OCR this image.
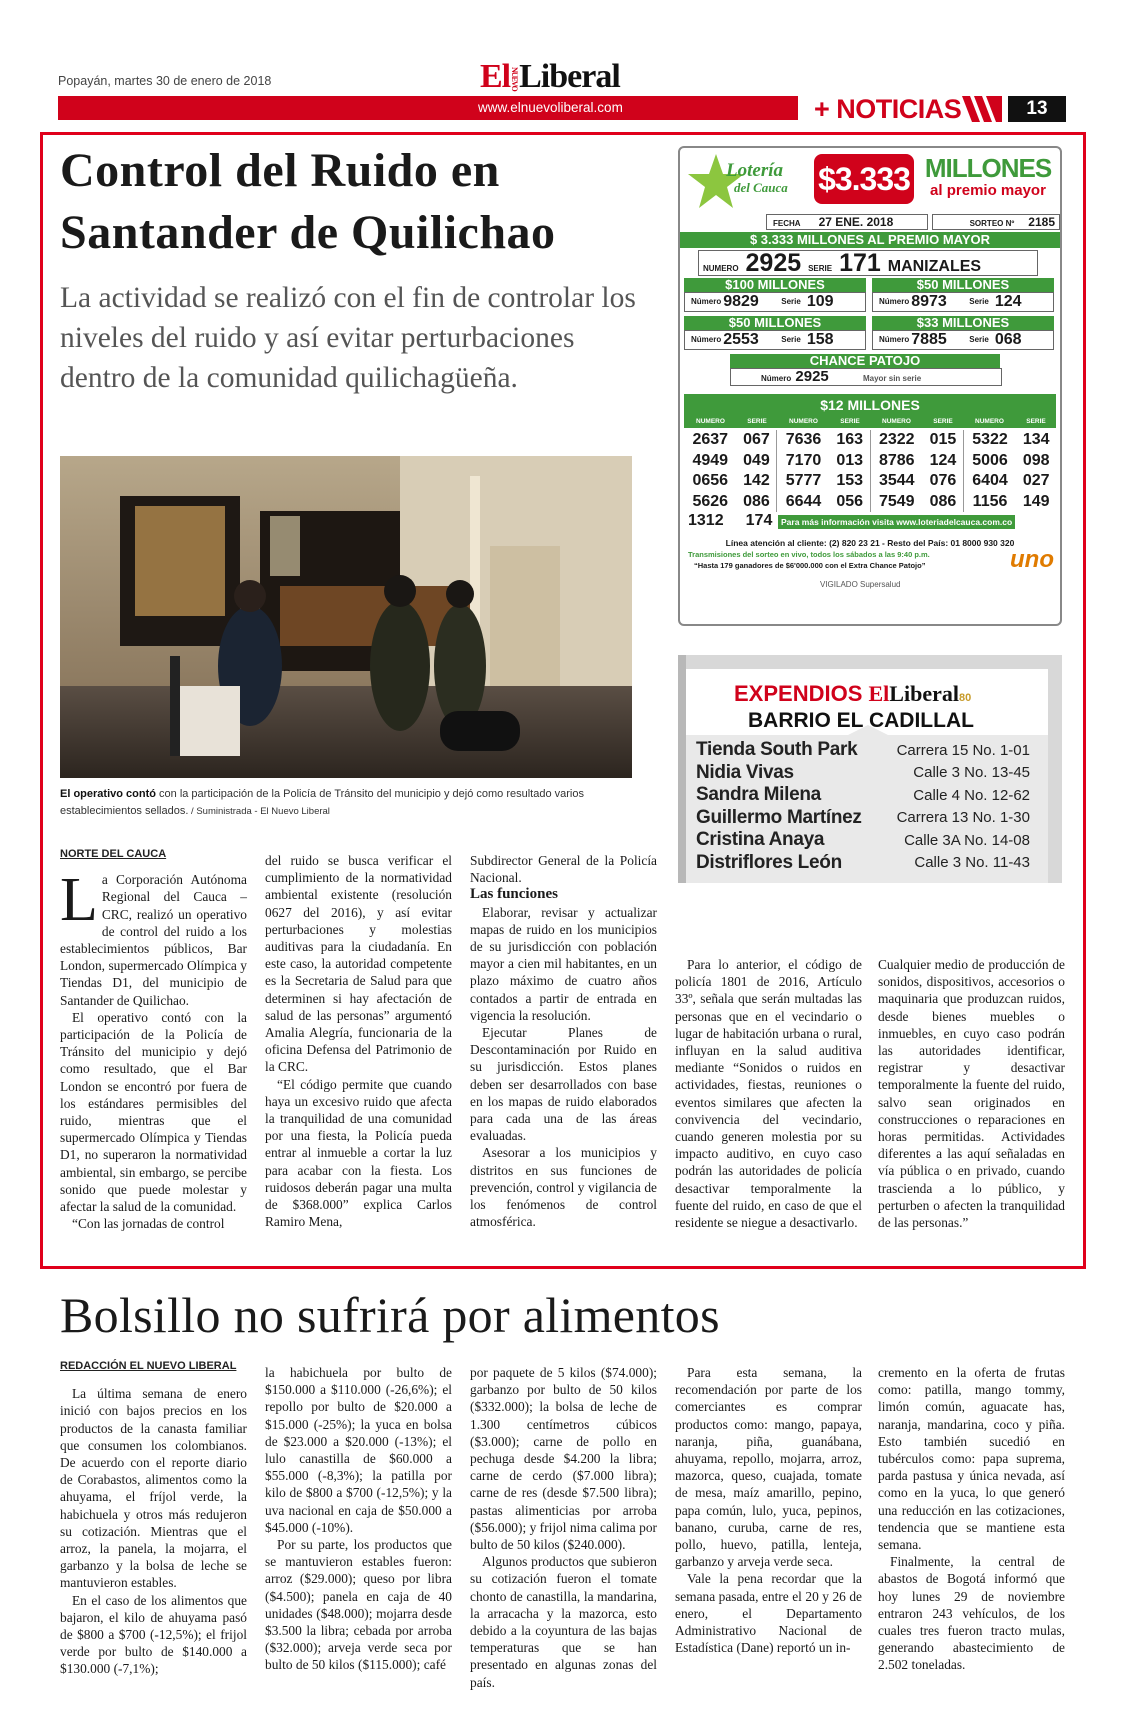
Popayán, martes 30 de enero de 2018	ElNUEVOLiberal
www.elnuevoliberal.com	+ NOTICIAS	13
Control del Ruido en
Santander de Quilichao
La actividad se realizó con el fin de controlar los niveles del ruido y así evitar perturbaciones dentro de la comunidad quilichagüeña.
El operativo contó con la participación de la Policía de Tránsito del municipio y dejó como resultado varios establecimientos sellados. / Suministrada - El Nuevo Liberal
NORTE DEL CAUCA

La Corporación Autónoma Regional del Cauca – CRC, realizó un operativo de control del ruido a los establecimientos públicos, Bar London, supermercado Olímpica y Tiendas D1, del municipio de Santander de Quilichao.

El operativo contó con la participación de la Policía de Tránsito del municipio y dejó como resultado, que el Bar London se encontró por fuera de los estándares permisibles del ruido, mientras que el supermercado Olímpica y Tiendas D1, no superaron la normatividad ambiental, sin embargo, se percibe sonido que puede molestar y afectar la salud de la comunidad.

“Con las jornadas de control

del ruido se busca verificar el cumplimiento de la normatividad ambiental existente (resolución 0627 del 2016), y así evitar perturbaciones y molestias auditivas para la ciudadanía. En este caso, la autoridad competente es la Secretaria de Salud para que determinen si hay afectación de salud de las personas” argumentó Amalia Alegría, funcionaria de la oficina Defensa del Patrimonio de la CRC.

“El código permite que cuando haya un excesivo ruido que afecta la tranquilidad de una comunidad por una fiesta, la Policía pueda entrar al inmueble a cortar la luz para acabar con la fiesta. Los ruidosos deberán pagar una multa de $368.000” explica Carlos Ramiro Mena,

Subdirector General de la Policía Nacional.

Las funciones

Elaborar, revisar y actualizar mapas de ruido en los municipios de su jurisdicción con población mayor a cien mil habitantes, en un plazo máximo de cuatro años contados a partir de entrada en vigencia la resolución.

Ejecutar Planes de Descontaminación por Ruido en su jurisdicción. Estos planes deben ser desarrollados con base en los mapas de ruido elaborados para cada una de las áreas evaluadas.

Asesorar a los municipios y distritos en sus funciones de prevención, control y vigilancia de los fenómenos de control atmosférica.

Para lo anterior, el código de policía 1801 de 2016, Artículo 33º, señala que serán multadas las personas que en el vecindario o lugar de habitación urbana o rural, influyan en la salud auditiva mediante “Sonidos o ruidos en actividades, fiestas, reuniones o eventos similares que afecten la convivencia del vecindario, cuando generen molestia por su impacto auditivo, en cuyo caso podrán las autoridades de policía desactivar temporalmente la fuente del ruido, en caso de que el residente se niegue a desactivarlo.

Cualquier medio de producción de sonidos, dispositivos, accesorios o maquinaria que produzcan ruidos, desde bienes muebles o inmuebles, en cuyo caso podrán las autoridades identificar, registrar y desactivar temporalmente la fuente del ruido, salvo sean originados en construcciones o reparaciones en horas permitidas. Actividades diferentes a las aquí señaladas en vía pública o en privado, cuando trascienda a lo público, y perturben o afecten la tranquilidad de las personas.”

Lotería
del Cauca $3.333 MILLONES
al premio mayor
FECHA 27 ENE. 2018	SORTEO Nº 2185
$ 3.333 MILLONES AL PREMIO MAYOR
NUMERO 2925 SERIE 171 MANIZALES
$100 MILLONES
Número 9829	Serie 109
$50 MILLONES
Número 8973	Serie 124
$50 MILLONES
Número 2553	Serie 158
$33 MILLONES
Número 7885	Serie 068
CHANCE PATOJO
Número 2925	Mayor sin serie
$12 MILLONES
NUMERO	SERIE	NUMERO	SERIE	NUMERO	SERIE	NUMERO	SERIE
2637 067 7636 163 2322 015 5322 134
4949 049 7170 013 8786 124 5006 098
0656 142 5777 153 3544 076 6404 027
5626 086 6644 056 7549 086	1156 149
1312 174 Para más información visita www.loteriadelcauca.com.co
Línea atención al cliente: (2) 820 23 21 - Resto del País: 01 8000 930 320
Transmisiones del sorteo en vivo, todos los sábados a las 9:40 p.m.
“Hasta 179 ganadores de $6'000.000 con el Extra Chance Patojo”	uno
VIGILADO Supersalud
EXPENDIOS ElLiberal80
BARRIO EL CADILLAL
Tienda South Park	Carrera 15 No. 1-01
Nidia Vivas	Calle 3 No. 13-45
Sandra Milena	Calle 4 No. 12-62
Guillermo Martínez Carrera 13 No. 1-30
Cristina Anaya	Calle 3A No. 14-08
Distriflores León	Calle 3 No. 11-43
Bolsillo no sufrirá por alimentos
REDACCIÓN EL NUEVO LIBERAL

La última semana de enero inició con bajos precios en los productos de la canasta familiar que consumen los colombianos. De acuerdo con el reporte diario de Corabastos, alimentos como la ahuyama, el fríjol verde, la habichuela y otros más redujeron su cotización. Mientras que el arroz, la panela, la mojarra, el garbanzo y la bolsa de leche se mantuvieron estables.

En el caso de los alimentos que bajaron, el kilo de ahuyama pasó de $800 a $700 (-12,5%); el frijol verde por bulto de $140.000 a $130.000 (-7,1%);

la habichuela por bulto de $150.000 a $110.000 (-26,6%); el repollo por bulto de $20.000 a $15.000 (-25%); la yuca en bolsa de $23.000 a $20.000 (-13%); el lulo canastilla de $60.000 a $55.000 (-8,3%); la patilla por kilo de $800 a $700 (-12,5%); y la uva nacional en caja de $50.000 a $45.000 (-10%).

Por su parte, los productos que se mantuvieron estables fueron: arroz ($29.000); queso por libra ($4.500); panela en caja de 40 unidades ($48.000); mojarra desde $3.500 la libra; cebada por arroba ($32.000); arveja verde seca por bulto de 50 kilos ($115.000); café

por paquete de 5 kilos ($74.000); garbanzo por bulto de 50 kilos ($332.000); la bolsa de leche de 1.300 centímetros cúbicos ($3.000); carne de pollo en pechuga desde $4.200 la libra; carne de cerdo ($7.000 libra); carne de res (desde $7.500 libra); pastas alimenticias por arroba ($56.000); y frijol nima calima por bulto de 50 kilos ($240.000).

Algunos productos que subieron su cotización fueron el tomate chonto de canastilla, la mandarina, la arracacha y la mazorca, esto debido a la coyuntura de las bajas temperaturas que se han presentado en algunas zonas del país.

Para esta semana, la recomendación por parte de los comerciantes es comprar productos como: mango, papaya, naranja, piña, guanábana, ahuyama, repollo, mojarra, arroz, mazorca, queso, cuajada, tomate de mesa, maíz amarillo, pepino, papa común, lulo, yuca, pepinos, banano, curuba, carne de res, pollo, huevo, patilla, lenteja, garbanzo y arveja verde seca.

Vale la pena recordar que la semana pasada, entre el 20 y 26 de enero, el Departamento Administrativo Nacional de Estadística (Dane) reportó un in-

cremento en la oferta de frutas como: patilla, mango tommy, limón común, aguacate has, naranja, mandarina, coco y piña. Esto también sucedió en tubérculos como: papa suprema, parda pastusa y única nevada, así como en la yuca, lo que generó una reducción en las cotizaciones, tendencia que se mantiene esta semana.

Finalmente, la central de abastos de Bogotá informó que hoy lunes 29 de noviembre entraron 243 vehículos, de los cuales tres fueron tracto mulas, generando abastecimiento de 2.502 toneladas.
